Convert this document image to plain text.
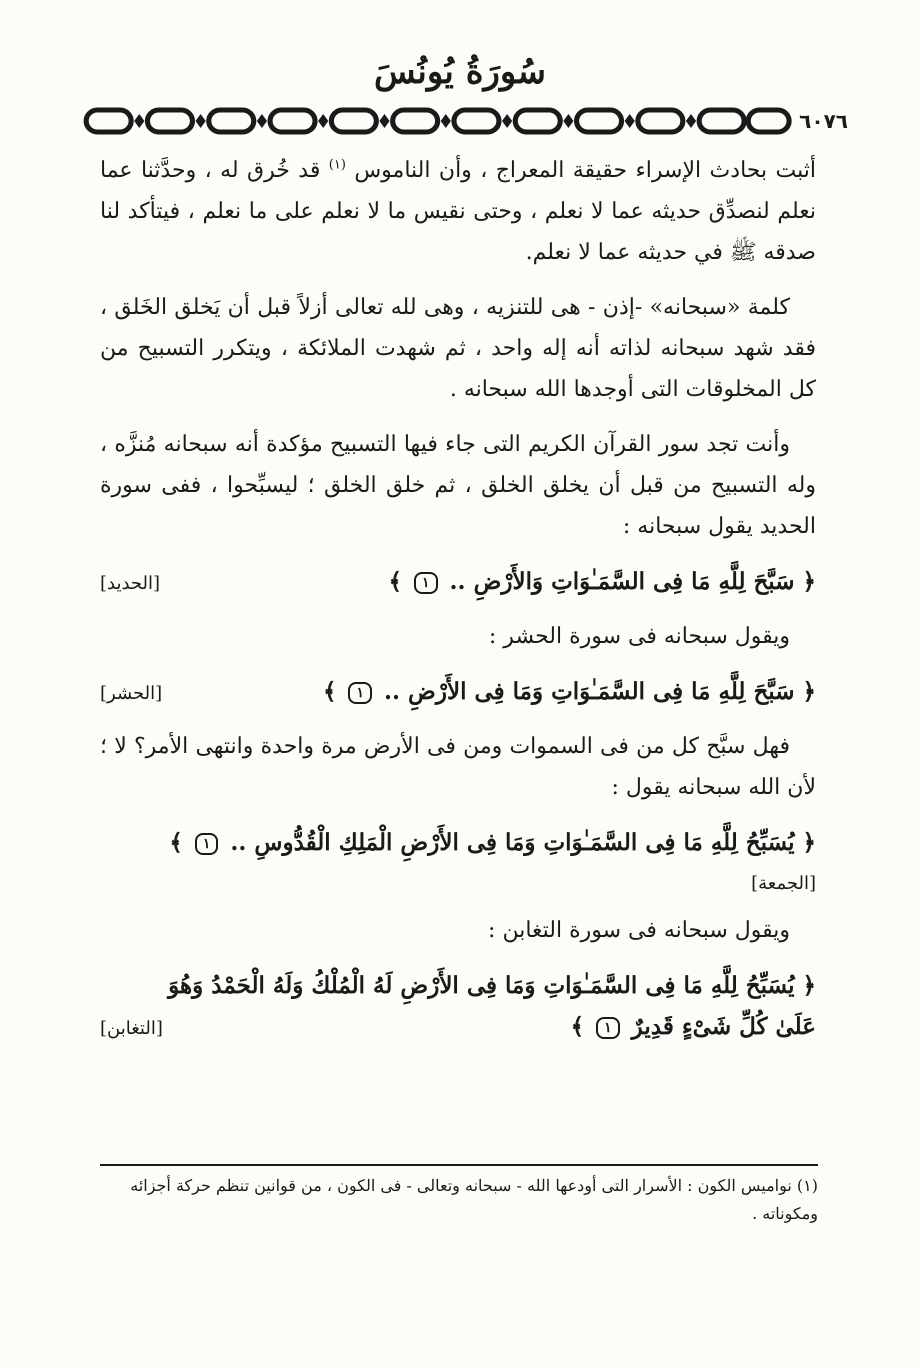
سُورَةُ يُونُسَ
٦٠٧٦

أثبت بحادث الإسراء حقيقة المعراج ، وأن الناموس $^{(١)}$ قد خُرق له ، وحدَّثنا عما نعلم لنصدِّق حديثه عما لا نعلم ، وحتى نقيس ما لا نعلم على ما نعلم ، فيتأكد لنا صدقه ﷺ في حديثه عما لا نعلم.

كلمة «سبحانه» -إذن - هى للتنزيه ، وهى لله تعالى أزلاً قبل أن يَخلق الخَلق ، فقد شهد سبحانه لذاته أنه إله واحد ، ثم شهدت الملائكة ، ويتكرر التسبيح من كل المخلوقات التى أوجدها الله سبحانه .

وأنت تجد سور القرآن الكريم التى جاء فيها التسبيح مؤكدة أنه سبحانه مُنزَّه ، وله التسبيح من قبل أن يخلق الخلق ، ثم خلق الخلق ؛ ليسبِّحوا ، ففى سورة الحديد يقول سبحانه :

﴿ سَبَّحَ لِلَّهِ مَا فِى السَّمَـٰوَاتِ وَالأَرْضِ .. ١ ﴾
[الحديد]

ويقول سبحانه فى سورة الحشر :

﴿ سَبَّحَ لِلَّهِ مَا فِى السَّمَـٰوَاتِ وَمَا فِى الأَرْضِ .. ١ ﴾
[الحشر]

فهل سبَّح كل من فى السموات ومن فى الأرض مرة واحدة وانتهى الأمر؟ لا ؛ لأن الله سبحانه يقول :

﴿ يُسَبِّحُ لِلَّهِ مَا فِى السَّمَـٰوَاتِ وَمَا فِى الأَرْضِ الْمَلِكِ الْقُدُّوسِ .. ١ ﴾
[الجمعة]

ويقول سبحانه فى سورة التغابن :

﴿ يُسَبِّحُ لِلَّهِ مَا فِى السَّمَـٰوَاتِ وَمَا فِى الأَرْضِ لَهُ الْمُلْكُ وَلَهُ الْحَمْدُ وَهُوَ
عَلَىٰ كُلِّ شَىْءٍ قَدِيرٌ ١ ﴾
[التغابن]
(١) نواميس الكون : الأسرار التى أودعها الله - سبحانه وتعالى - فى الكون ، من قوانين تنظم حركة أجزائه ومكوناته .
